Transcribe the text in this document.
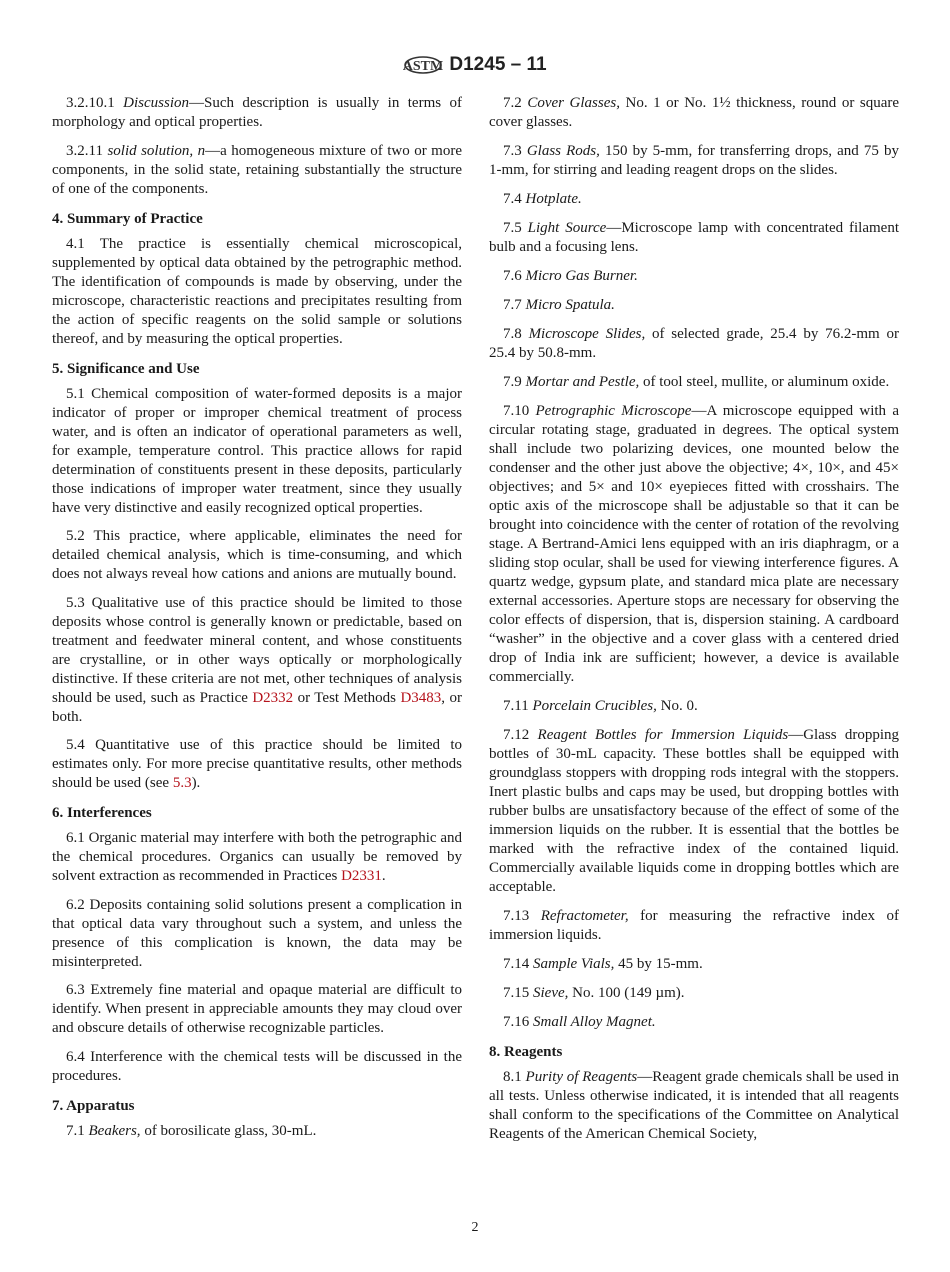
ASTM D1245 – 11

3.2.10.1 Discussion—Such description is usually in terms of morphology and optical properties.

3.2.11 solid solution, n—a homogeneous mixture of two or more components, in the solid state, retaining substantially the structure of one of the components.

4. Summary of Practice

4.1 The practice is essentially chemical microscopical, supplemented by optical data obtained by the petrographic method. The identification of compounds is made by observing, under the microscope, characteristic reactions and precipitates resulting from the action of specific reagents on the solid sample or solutions thereof, and by measuring the optical properties.

5. Significance and Use

5.1 Chemical composition of water-formed deposits is a major indicator of proper or improper chemical treatment of process water, and is often an indicator of operational parameters as well, for example, temperature control. This practice allows for rapid determination of constituents present in these deposits, particularly those indications of improper water treatment, since they usually have very distinctive and easily recognized optical properties.

5.2 This practice, where applicable, eliminates the need for detailed chemical analysis, which is time-consuming, and which does not always reveal how cations and anions are mutually bound.

5.3 Qualitative use of this practice should be limited to those deposits whose control is generally known or predictable, based on treatment and feedwater mineral content, and whose constituents are crystalline, or in other ways optically or morphologically distinctive. If these criteria are not met, other techniques of analysis should be used, such as Practice D2332 or Test Methods D3483, or both.

5.4 Quantitative use of this practice should be limited to estimates only. For more precise quantitative results, other methods should be used (see 5.3).

6. Interferences

6.1 Organic material may interfere with both the petrographic and the chemical procedures. Organics can usually be removed by solvent extraction as recommended in Practices D2331.

6.2 Deposits containing solid solutions present a complication in that optical data vary throughout such a system, and unless the presence of this complication is known, the data may be misinterpreted.

6.3 Extremely fine material and opaque material are difficult to identify. When present in appreciable amounts they may cloud over and obscure details of otherwise recognizable particles.

6.4 Interference with the chemical tests will be discussed in the procedures.

7. Apparatus

7.1 Beakers, of borosilicate glass, 30-mL.

7.2 Cover Glasses, No. 1 or No. 1½ thickness, round or square cover glasses.

7.3 Glass Rods, 150 by 5-mm, for transferring drops, and 75 by 1-mm, for stirring and leading reagent drops on the slides.

7.4 Hotplate.

7.5 Light Source—Microscope lamp with concentrated filament bulb and a focusing lens.

7.6 Micro Gas Burner.

7.7 Micro Spatula.

7.8 Microscope Slides, of selected grade, 25.4 by 76.2-mm or 25.4 by 50.8-mm.

7.9 Mortar and Pestle, of tool steel, mullite, or aluminum oxide.

7.10 Petrographic Microscope—A microscope equipped with a circular rotating stage, graduated in degrees. The optical system shall include two polarizing devices, one mounted below the condenser and the other just above the objective; 4×, 10×, and 45× objectives; and 5× and 10× eyepieces fitted with crosshairs. The optic axis of the microscope shall be adjustable so that it can be brought into coincidence with the center of rotation of the revolving stage. A Bertrand-Amici lens equipped with an iris diaphragm, or a sliding stop ocular, shall be used for viewing interference figures. A quartz wedge, gypsum plate, and standard mica plate are necessary external accessories. Aperture stops are necessary for observing the color effects of dispersion, that is, dispersion staining. A cardboard “washer” in the objective and a cover glass with a centered dried drop of India ink are sufficient; however, a device is available commercially.

7.11 Porcelain Crucibles, No. 0.

7.12 Reagent Bottles for Immersion Liquids—Glass dropping bottles of 30-mL capacity. These bottles shall be equipped with groundglass stoppers with dropping rods integral with the stoppers. Inert plastic bulbs and caps may be used, but dropping bottles with rubber bulbs are unsatisfactory because of the effect of some of the immersion liquids on the rubber. It is essential that the bottles be marked with the refractive index of the contained liquid. Commercially available liquids come in dropping bottles which are acceptable.

7.13 Refractometer, for measuring the refractive index of immersion liquids.

7.14 Sample Vials, 45 by 15-mm.

7.15 Sieve, No. 100 (149 µm).

7.16 Small Alloy Magnet.

8. Reagents

8.1 Purity of Reagents—Reagent grade chemicals shall be used in all tests. Unless otherwise indicated, it is intended that all reagents shall conform to the specifications of the Committee on Analytical Reagents of the American Chemical Society,

2
